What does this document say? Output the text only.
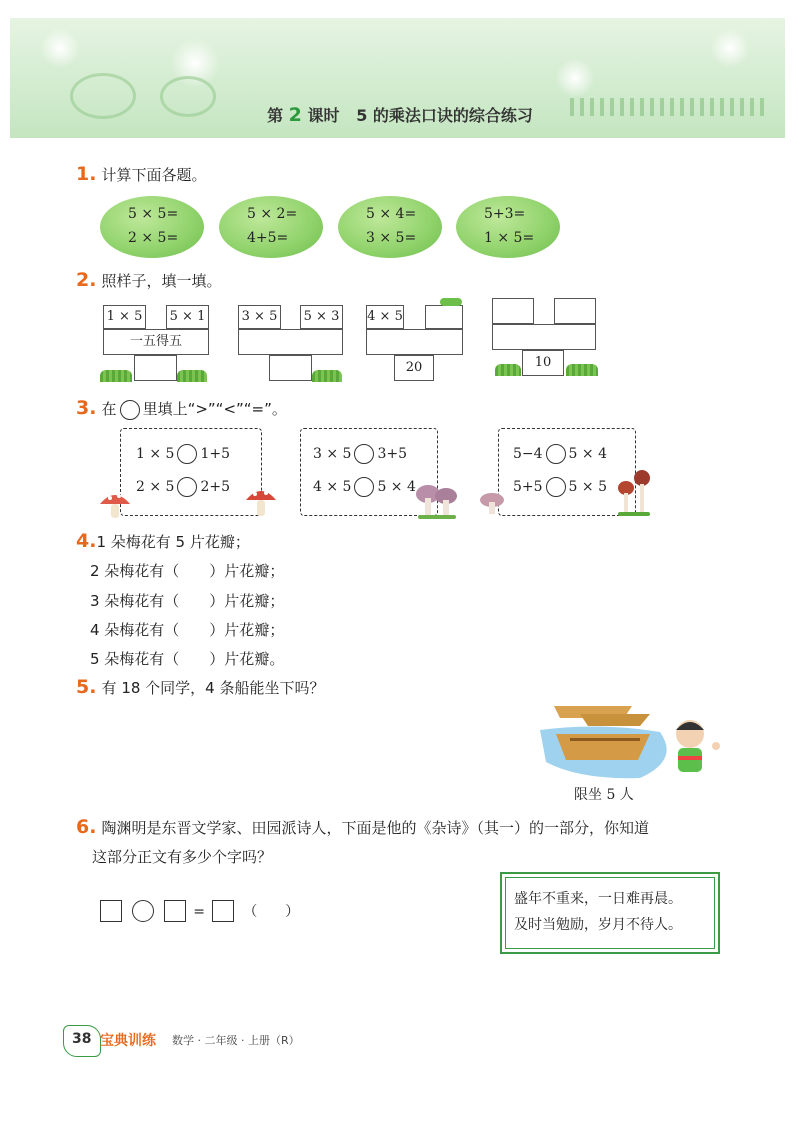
第 2 课时 5 的乘法口诀的综合练习
1. 计算下面各题。
5 × 5=
2 × 5=
5 × 2=
4+5=
5 × 4=
3 × 5=
5+3=
1 × 5=
2. 照样子，填一填。
1 × 5 5 × 1
一五得五
3 × 5 5 × 3 4 × 5
20	10
3. 在 里填上“>”“<”“=”。
1 × 5 1+5
2 × 5 2+5
3 × 5 3+5
4 × 5 5 × 4
5−4 5 × 4
5+5 5 × 5
4.1 朵梅花有 5 片花瓣；
2 朵梅花有（　　）片花瓣；
3 朵梅花有（　　）片花瓣；
4 朵梅花有（　　）片花瓣；
5 朵梅花有（　　）片花瓣。
5. 有 18 个同学，4 条船能坐下吗？
限坐 5 人
6. 陶渊明是东晋文学家、田园派诗人，下面是他的《杂诗》（其一）的一部分，你知道
这部分正文有多少个字吗？
=	（　　）
盛年不重来，一日难再晨。
及时当勉励，岁月不待人。
38 宝典训练 数学 · 二年级 · 上册（R）
